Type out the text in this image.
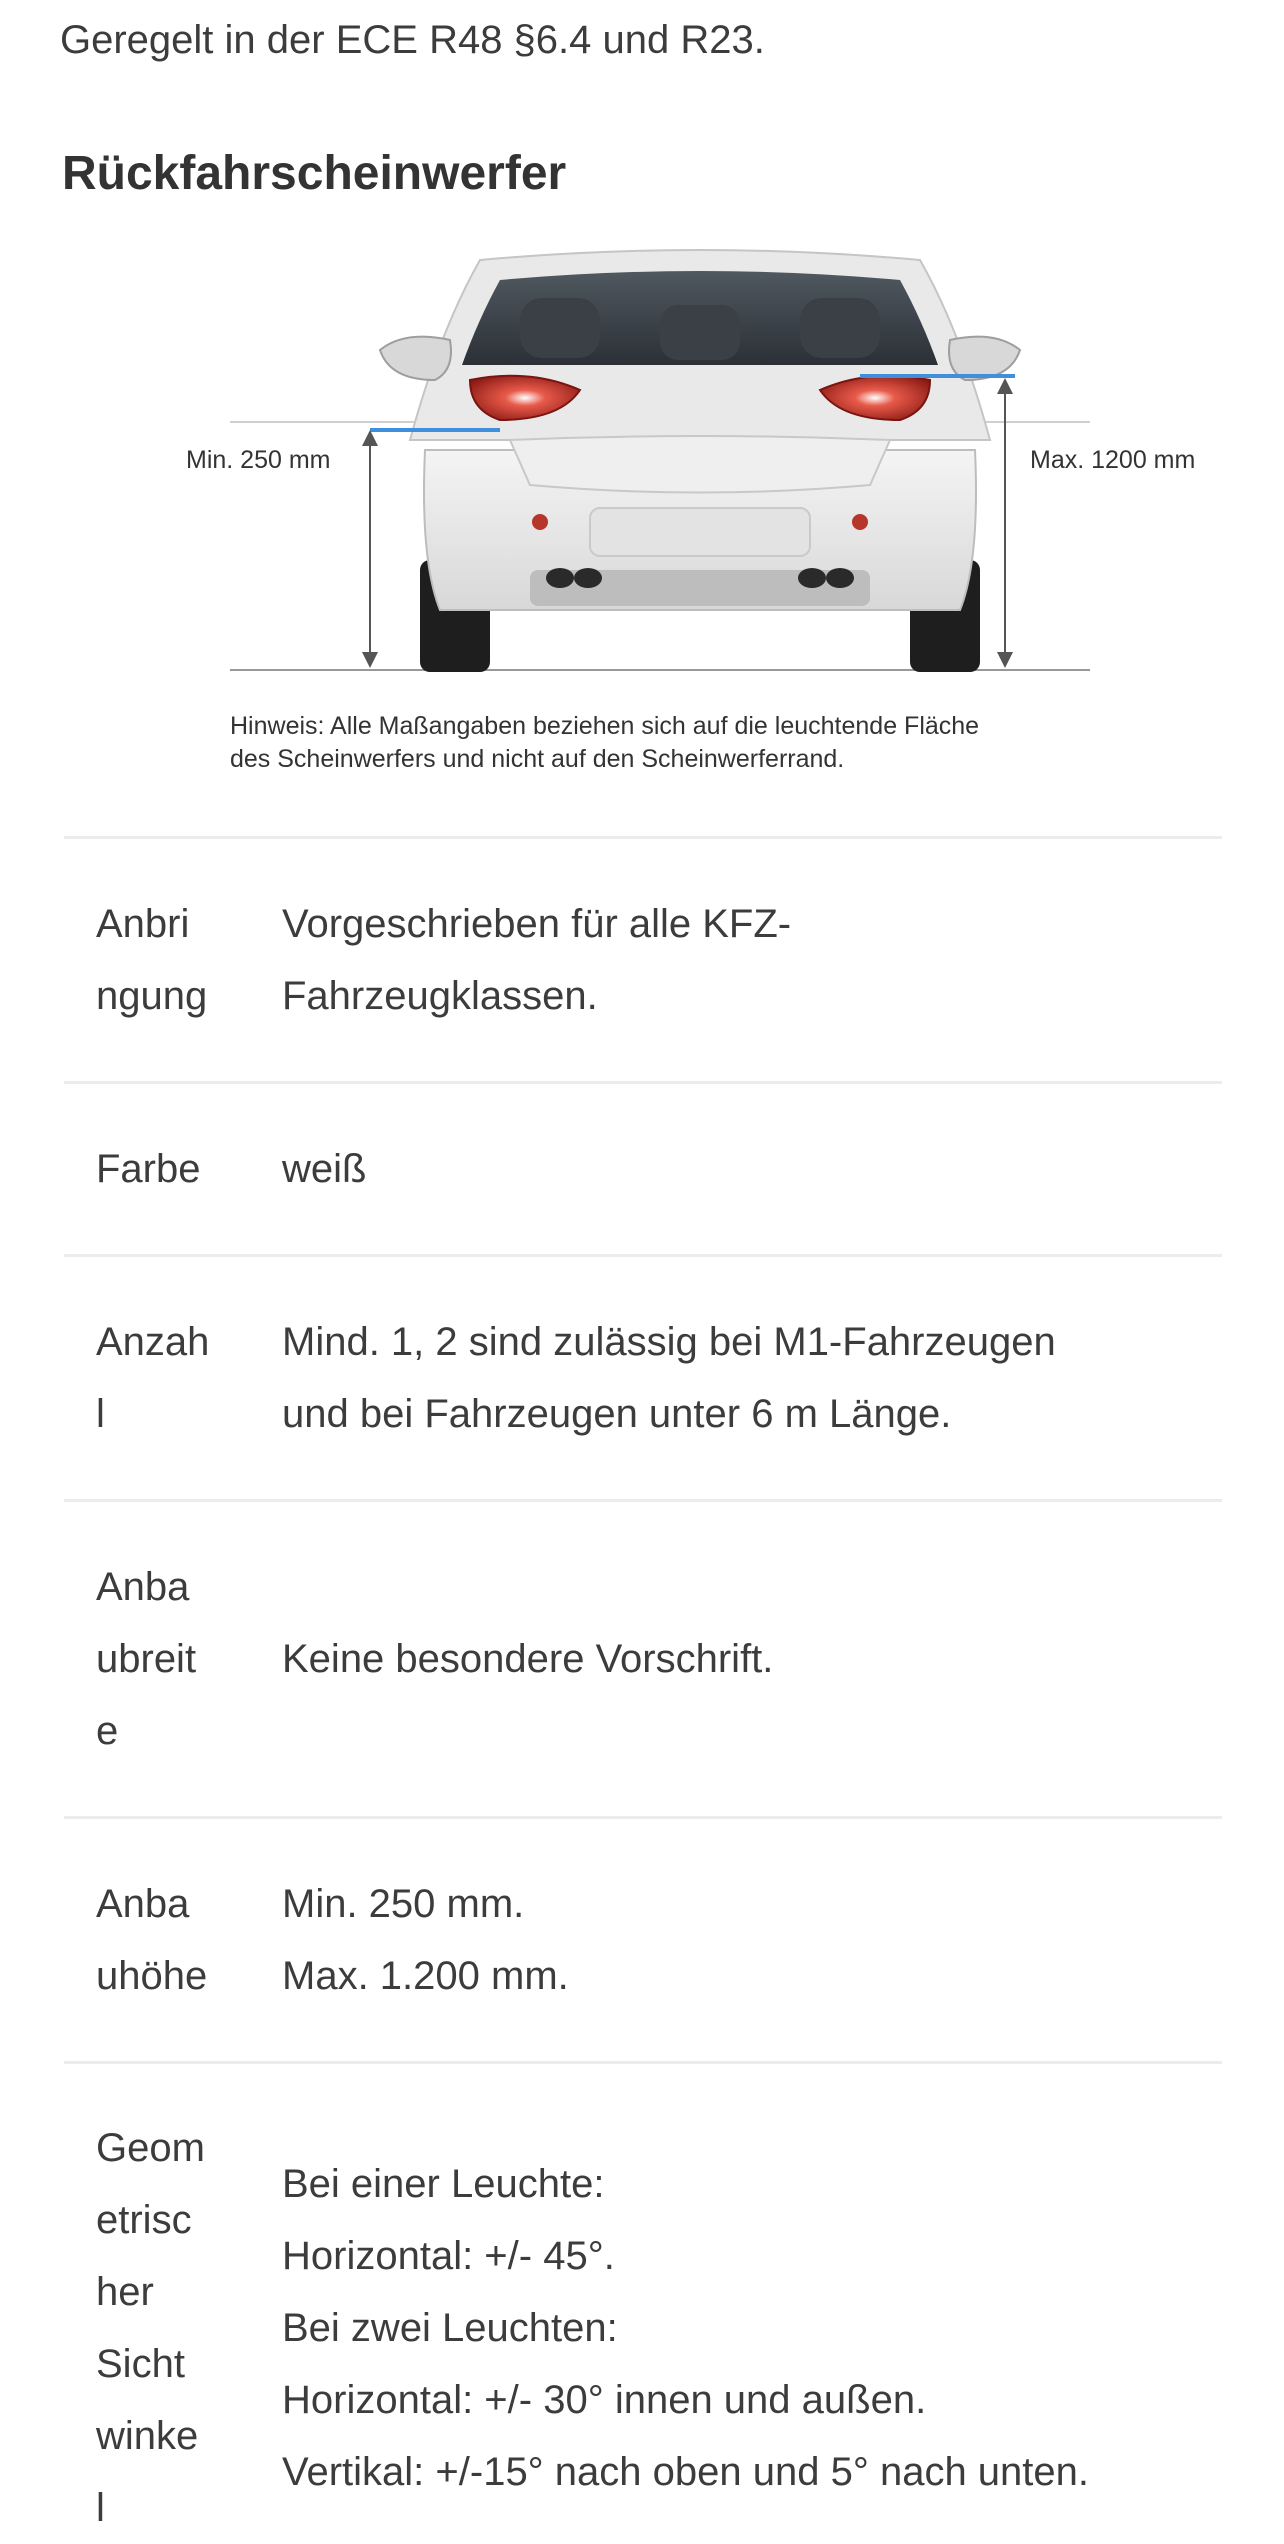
Geregelt in der ECE R48 §6.4 und R23.
Rückfahrscheinwerfer
Min. 250 mm	Max. 1200 mm
Hinweis: Alle Maßangaben beziehen sich auf die leuchtende Fläche
des Scheinwerfers und nicht auf den Scheinwerferrand.
Anbri
ngung
Vorgeschrieben für alle KFZ-
Fahrzeugklassen.
Farbe	weiß
Anzah
l
Mind. 1, 2 sind zulässig bei M1-Fahrzeugen
und bei Fahrzeugen unter 6 m Länge.
Anba
ubreit
e
Keine besondere Vorschrift.
Anba
uhöhe
Min. 250 mm.
Max. 1.200 mm.
Geom
etrisc
her
Sicht
winke
l
Bei einer Leuchte:
Horizontal: +/- 45°.
Bei zwei Leuchten:
Horizontal: +/- 30° innen und außen.
Vertikal: +/-15° nach oben und 5° nach unten.
